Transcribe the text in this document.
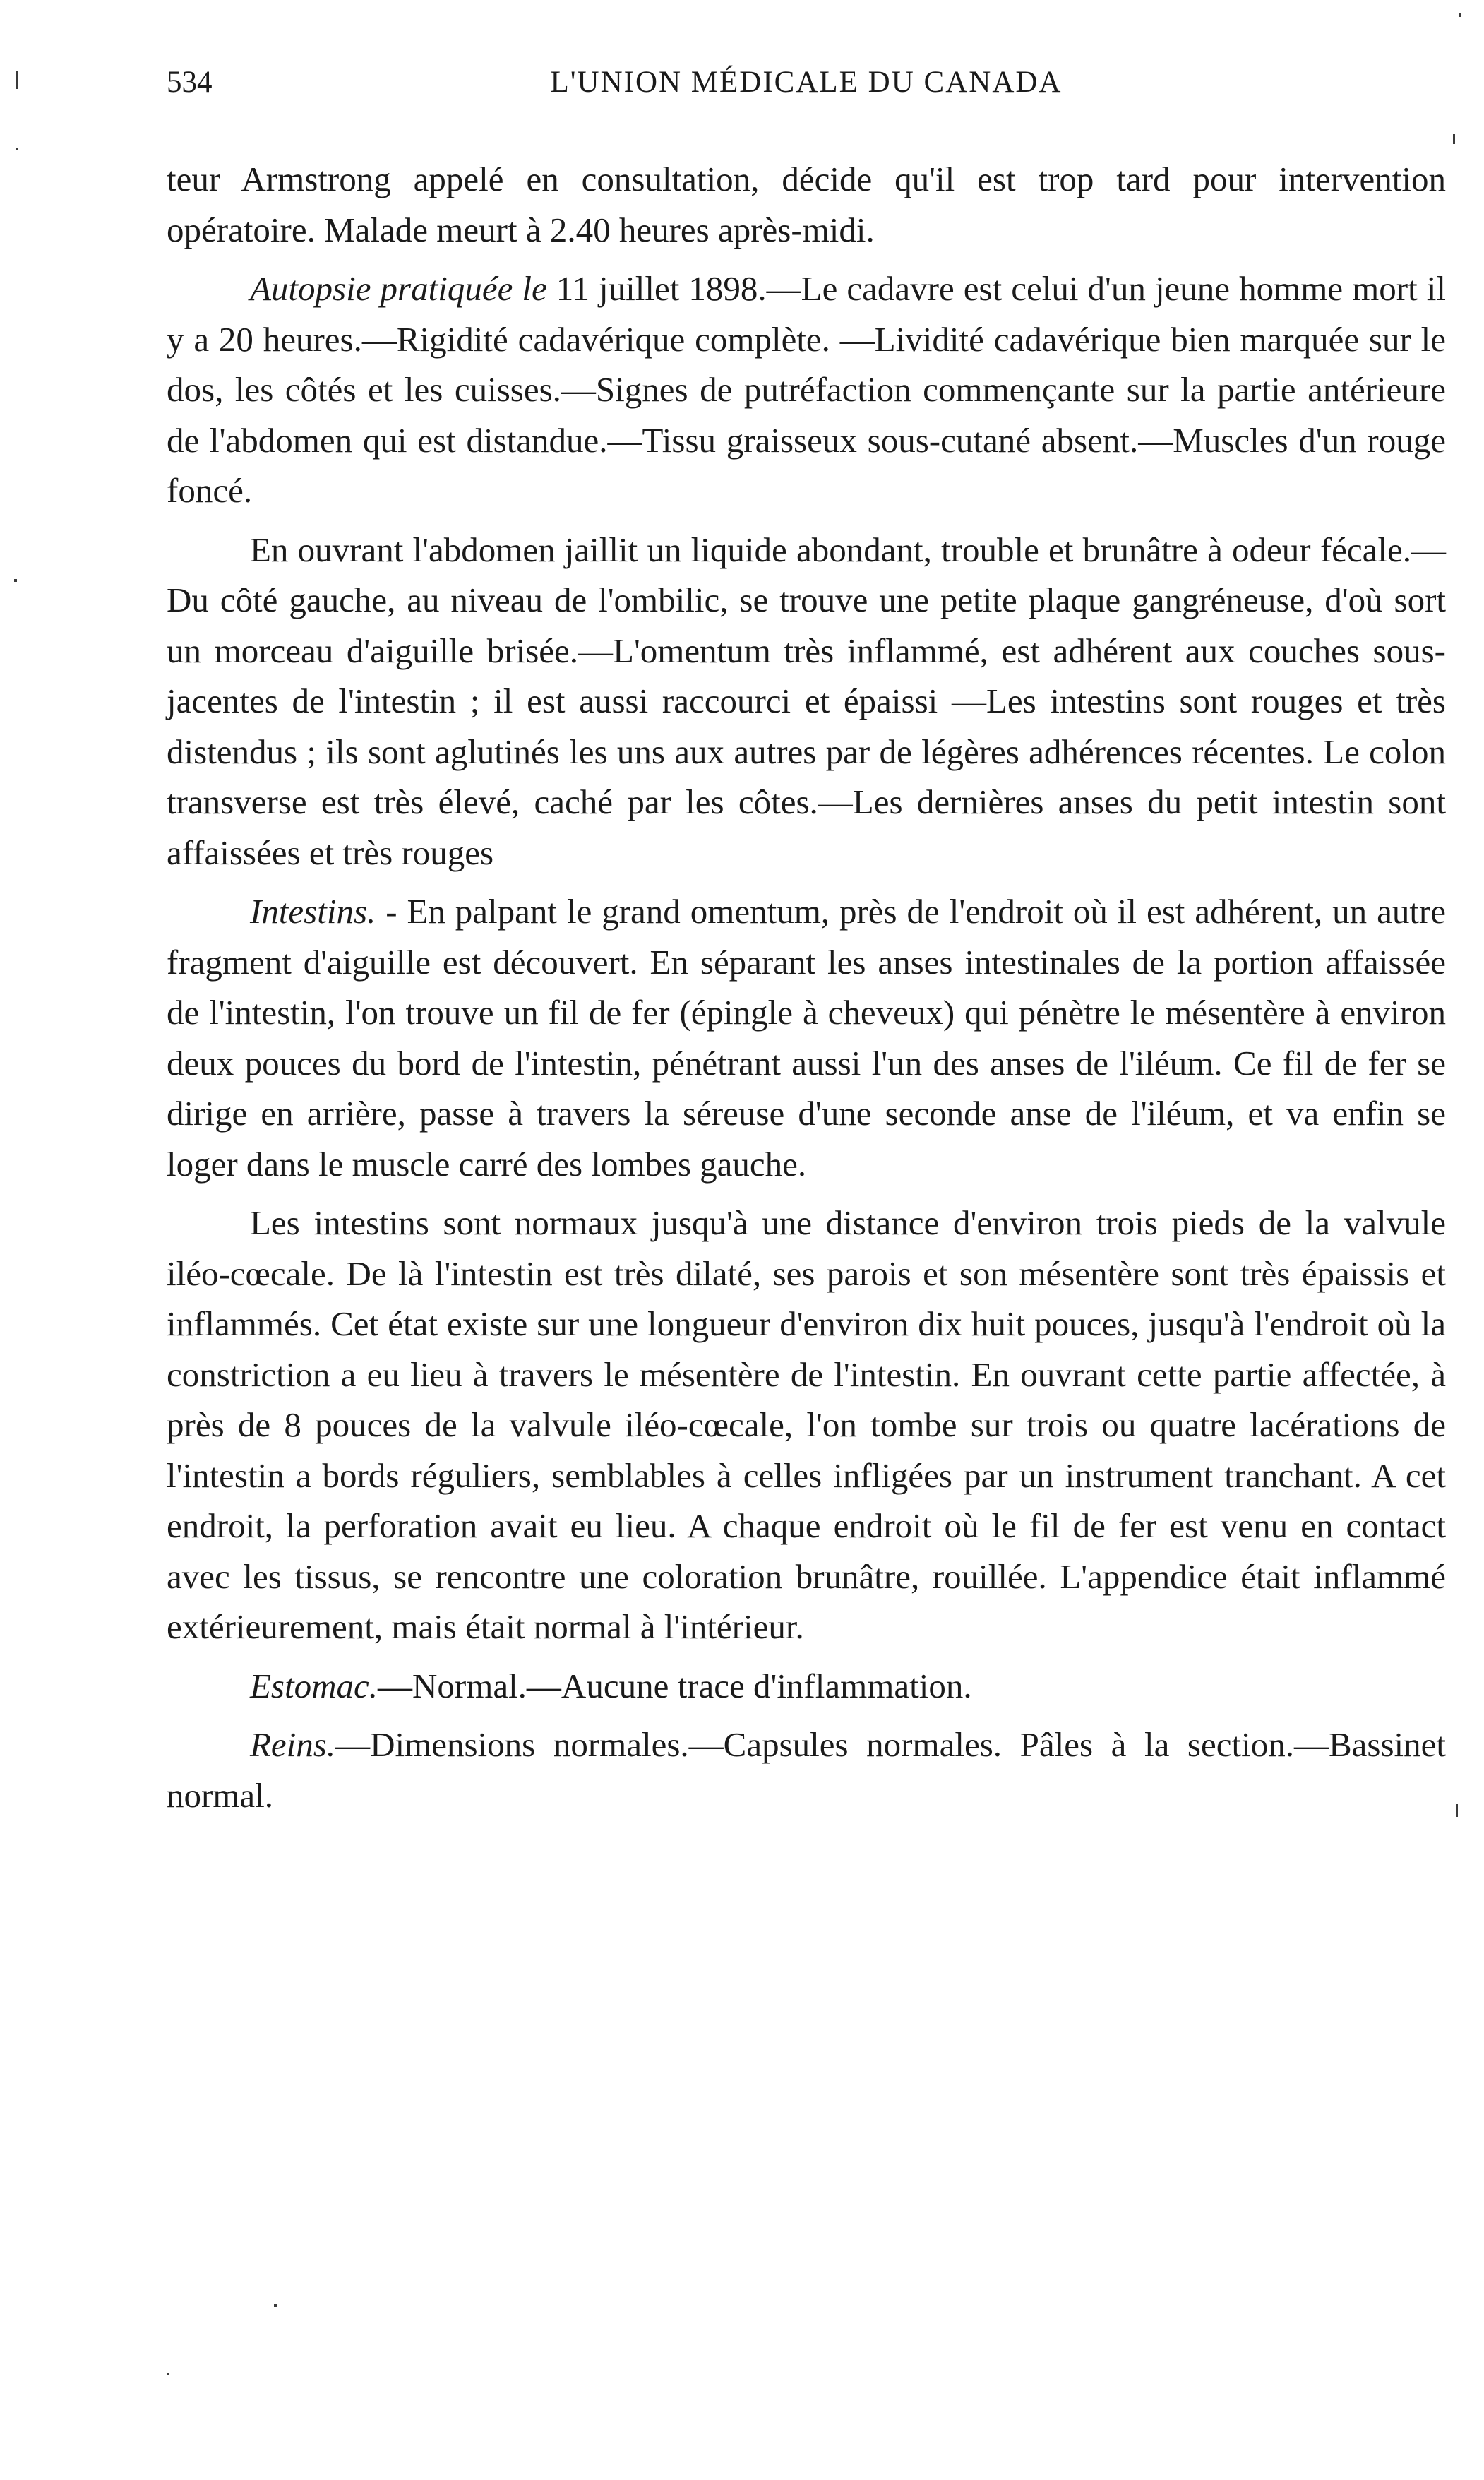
534	L'UNION MÉDICALE DU CANADA

teur Armstrong appelé en consultation, décide qu'il est trop tard pour intervention opératoire. Malade meurt à 2.40 heures après-midi.

Autopsie pratiquée le 11 juillet 1898.—Le cadavre est celui d'un jeune homme mort il y a 20 heures.—Rigidité cadavérique complète. —Lividité cadavérique bien marquée sur le dos, les côtés et les cuisses.—Signes de putréfaction commençante sur la partie antérieure de l'abdomen qui est distandue.—Tissu graisseux sous-cutané absent.—Muscles d'un rouge foncé.

En ouvrant l'abdomen jaillit un liquide abondant, trouble et brunâtre à odeur fécale.—Du côté gauche, au niveau de l'ombilic, se trouve une petite plaque gangréneuse, d'où sort un morceau d'aiguille brisée.—L'omentum très inflammé, est adhérent aux couches sous-jacentes de l'intestin ; il est aussi raccourci et épaissi —Les intestins sont rouges et très distendus ; ils sont aglutinés les uns aux autres par de légères adhérences récentes. Le colon transverse est très élevé, caché par les côtes.—Les dernières anses du petit intestin sont affaissées et très rouges

Intestins. - En palpant le grand omentum, près de l'endroit où il est adhérent, un autre fragment d'aiguille est découvert. En séparant les anses intestinales de la portion affaissée de l'intestin, l'on trouve un fil de fer (épingle à cheveux) qui pénètre le mésentère à environ deux pouces du bord de l'intestin, pénétrant aussi l'un des anses de l'iléum. Ce fil de fer se dirige en arrière, passe à travers la séreuse d'une seconde anse de l'iléum, et va enfin se loger dans le muscle carré des lombes gauche.

Les intestins sont normaux jusqu'à une distance d'environ trois pieds de la valvule iléo-cœcale. De là l'intestin est très dilaté, ses parois et son mésentère sont très épaissis et inflammés. Cet état existe sur une longueur d'environ dix huit pouces, jusqu'à l'endroit où la constriction a eu lieu à travers le mésentère de l'intestin. En ouvrant cette partie affectée, à près de 8 pouces de la valvule iléo-cœcale, l'on tombe sur trois ou quatre lacérations de l'intestin a bords réguliers, semblables à celles infligées par un instrument tranchant. A cet endroit, la perforation avait eu lieu. A chaque endroit où le fil de fer est venu en contact avec les tissus, se rencontre une coloration brunâtre, rouillée. L'appendice était inflammé extérieurement, mais était normal à l'intérieur.

Estomac.—Normal.—Aucune trace d'inflammation.

Reins.—Dimensions normales.—Capsules normales. Pâles à la section.—Bassinet normal.
